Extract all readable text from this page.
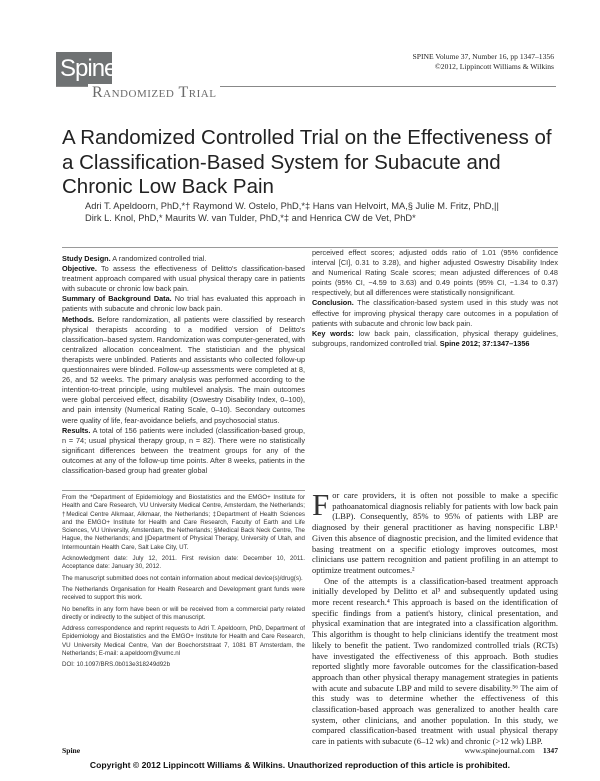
Spine	SPINE Volume 37, Number 16, pp 1347–1356
©2012, Lippincott Williams & Wilkins
Randomized Trial
A Randomized Controlled Trial on the Effectiveness of a Classification-Based System for Subacute and Chronic Low Back Pain
Adri T. Apeldoorn, PhD,*† Raymond W. Ostelo, PhD,*‡ Hans van Helvoirt, MA,§ Julie M. Fritz, PhD,||
Dirk L. Knol, PhD,* Maurits W. van Tulder, PhD,*‡ and Henrica CW de Vet, PhD*

Study Design. A randomized controlled trial.

Objective. To assess the effectiveness of Delitto's classification-based treatment approach compared with usual physical therapy care in patients with subacute or chronic low back pain.

Summary of Background Data. No trial has evaluated this approach in patients with subacute and chronic low back pain.

Methods. Before randomization, all patients were classified by research physical therapists according to a modified version of Delitto's classification–based system. Randomization was computer-generated, with centralized allocation concealment. The statistician and the physical therapists were unblinded. Patients and assistants who collected follow-up questionnaires were blinded. Follow-up assessments were completed at 8, 26, and 52 weeks. The primary analysis was performed according to the intention-to-treat principle, using multilevel analysis. The main outcomes were global perceived effect, disability (Oswestry Disability Index, 0–100), and pain intensity (Numerical Rating Scale, 0–10). Secondary outcomes were quality of life, fear-avoidance beliefs, and psychosocial status.

Results. A total of 156 patients were included (classification-based group, n = 74; usual physical therapy group, n = 82). There were no statistically significant differences between the treatment groups for any of the outcomes at any of the follow-up time points. After 8 weeks, patients in the classification-based group had greater global

perceived effect scores; adjusted odds ratio of 1.01 (95% confidence interval [CI], 0.31 to 3.28), and higher adjusted Oswestry Disability Index and Numerical Rating Scale scores; mean adjusted differences of 0.48 points (95% CI, −4.59 to 3.63) and 0.49 points (95% CI, −1.34 to 0.37) respectively, but all differences were statistically nonsignificant.

Conclusion. The classification-based system used in this study was not effective for improving physical therapy care outcomes in a population of patients with subacute and chronic low back pain.

Key words: low back pain, classification, physical therapy guidelines, subgroups, randomized controlled trial. Spine 2012; 37:1347–1356

From the *Department of Epidemiology and Biostatistics and the EMGO+ Institute for Health and Care Research, VU University Medical Centre, Amsterdam, the Netherlands; †Medical Centre Alkmaar, Alkmaar, the Netherlands; ‡Department of Health Sciences and the EMGO+ Institute for Health and Care Research, Faculty of Earth and Life Sciences, VU University, Amsterdam, the Netherlands; §Medical Back Neck Centre, The Hague, the Netherlands; and ||Department of Physical Therapy, University of Utah, and Intermountain Health Care, Salt Lake City, UT.

Acknowledgment date: July 12, 2011. First revision date: December 10, 2011. Acceptance date: January 30, 2012.

The manuscript submitted does not contain information about medical device(s)/drug(s).

The Netherlands Organisation for Health Research and Development grant funds were received to support this work.

No benefits in any form have been or will be received from a commercial party related directly or indirectly to the subject of this manuscript.

Address correspondence and reprint requests to Adri T. Apeldoorn, PhD, Department of Epidemiology and Biostatistics and the EMGO+ Institute for Health and Care Research, VU University Medical Centre, Van der Boechorststraat 7, 1081 BT Amsterdam, the Netherlands; E-mail: a.apeldoorn@vumc.nl

DOI: 10.1097/BRS.0b013e318249d92b

For care providers, it is often not possible to make a specific pathoanatomical diagnosis reliably for patients with low back pain (LBP). Consequently, 85% to 95% of patients with LBP are diagnosed by their general practitioner as having nonspecific LBP.¹ Given this absence of diagnostic precision, and the limited evidence that basing treatment on a specific etiology improves outcomes, most clinicians use pattern recognition and patient profiling in an attempt to optimize treatment outcomes.²

One of the attempts is a classification-based treatment approach initially developed by Delitto et al³ and subsequently updated using more recent research.⁴ This approach is based on the identification of specific findings from a patient's history, clinical presentation, and physical examination that are integrated into a classification algorithm. This algorithm is thought to help clinicians identify the treatment most likely to benefit the patient. Two randomized controlled trials (RCTs) have investigated the effectiveness of this approach. Both studies reported slightly more favorable outcomes for the classification-based approach than other physical therapy management strategies in patients with acute and subacute LBP and mild to severe disability.⁵⁶ The aim of this study was to determine whether the effectiveness of this classification-based approach was generalized to another health care system, other clinicians, and another population. In this study, we compared classification-based treatment with usual physical therapy care in patients with subacute (6–12 wk) and chronic (>12 wk) LBP.

Spine	www.spinejournal.com 1347
Copyright © 2012 Lippincott Williams & Wilkins. Unauthorized reproduction of this article is prohibited.
